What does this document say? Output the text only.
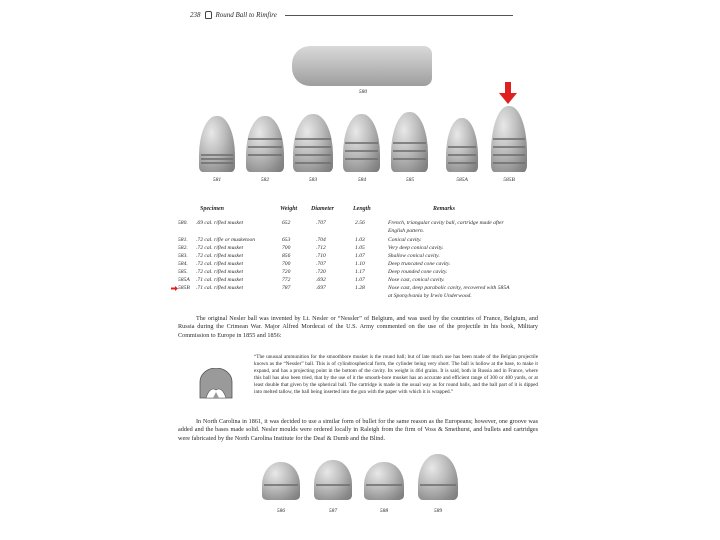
238 Round Ball to Rimfire
580
581	582	583	584	585	585A	585B
Specimen	Weight Diameter	Length	Remarks
580. .69 cal. rifled musket	652	.707	2.56	French, triangular cavity ball, cartridge made after
English pattern.
581. .72 cal. rifle or musketoon	653	.704	1.03	Conical cavity.
582. .72 cal. rifled musket	700	.712	1.05	Very deep conical cavity.
583. .72 cal. rifled musket	856	.710	1.07	Shallow conical cavity.
584. .72 cal. rifled musket	700	.707	1.10	Deep truncated cone cavity.
585. .72 cal. rifled musket	720	.720	1.17	Deep rounded cone cavity.
585A .71 cal. rifled musket	772	.692	1.07	Nose cast, conical cavity.
585B .71 cal. rifled musket	787	.697	1.28	Nose cast, deep parabolic cavity, recovered with 585A
at Spotsylvania by Irwin Underwood.
The original Nesler ball was invented by Lt. Nesler or “Nessler” of Belgium, and was used by the countries of France, Belgium, and Russia during the Crimean War. Major Alfred Mordecai of the U.S. Army commented on the use of the projectile in his book, Military Commission to Europe in 1855 and 1856:
“The unusual ammunition for the smoothbore musket is the round ball; but of late much use has been made of the Belgian projectile known as the “Nessler” ball. This is of cylindrospherical form, the cylinder being very short. The ball is hollow at the base, to make it expand, and has a projecting point in the bottom of the cavity. Its weight is 464 grains. It is said, both in Russia and in France, where this ball has also been tried, that by the use of it the smooth-bore musket has an accurate and efficient range of 300 or 400 yards, or at least double that given by the spherical ball. The cartridge is made in the usual way as for round balls, and the ball part of it is dipped into melted tallow, the ball being inserted into the gun with the paper with which it is wrapped.”
In North Carolina in 1861, it was decided to use a similar form of bullet for the same reason as the Europeans; however, one groove was added and the bases made solid. Nesler moulds were ordered locally in Raleigh from the firm of Voss & Smethurst, and bullets and cartridges were fabricated by the North Carolina Institute for the Deaf & Dumb and the Blind.
586	587	588	589
